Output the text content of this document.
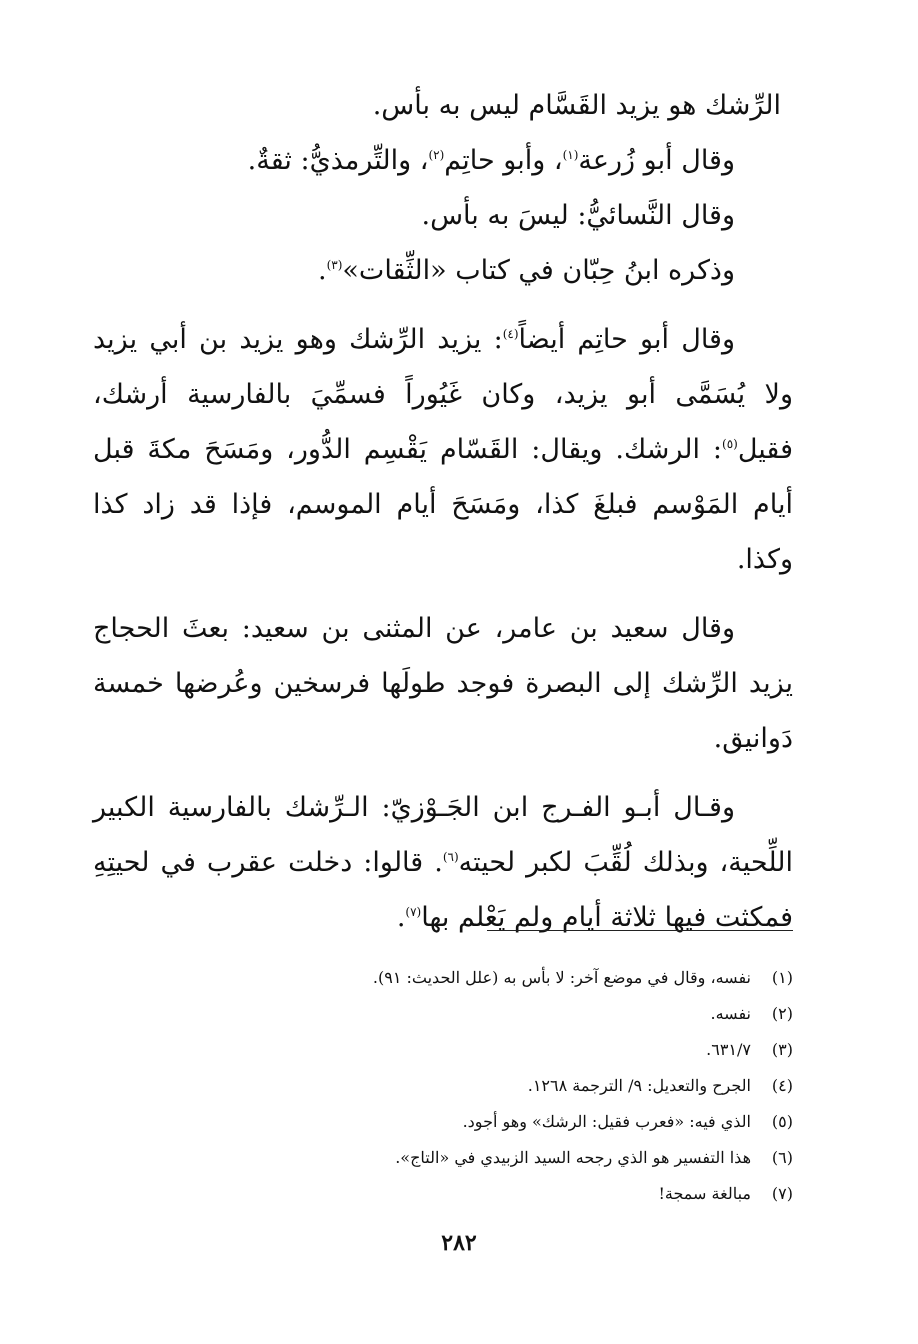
الرِّشك هو يزيد القَسَّام ليس به بأس.

وقال أبو زُرعة$^{(١)}$، وأبو حاتِم$^{(٢)}$، والتِّرمذيُّ: ثقةٌ.

وقال النَّسائيُّ: ليسَ به بأس.

وذكره ابنُ حِبّان في كتاب «الثِّقات»$^{(٣)}$.

وقال أبو حاتِم أيضاً$^{(٤)}$: يزيد الرِّشك وهو يزيد بن أبي يزيد ولا يُسَمَّى أبو يزيد، وكان غَيُوراً فسمِّيَ بالفارسية أرشك، فقيل$^{(٥)}$: الرشك. ويقال: القَسّام يَقْسِم الدُّور، ومَسَحَ مكةَ قبل أيام المَوْسم فبلغَ كذا، ومَسَحَ أيام الموسم، فإذا قد زاد كذا وكذا.

وقال سعيد بن عامر، عن المثنى بن سعيد: بعثَ الحجاج يزيد الرِّشك إلى البصرة فوجد طولَها فرسخين وعُرضها خمسة دَوانيق.

وقـال أبـو الفـرج ابن الجَـوْزيّ: الـرِّشك بالفارسية الكبير اللِّحية، وبذلك لُقِّبَ لكبر لحيته$^{(٦)}$. قالوا: دخلت عقرب في لحيتِهِ فمكثت فيها ثلاثة أيام ولم يَعْلم بها$^{(٧)}$.

(١)نفسه، وقال في موضع آخر: لا بأس به (علل الحديث: ٩١).
(٢)نفسه.
(٣)٦٣١/٧.
(٤)الجرح والتعديل: ٩/ الترجمة ١٢٦٨.
(٥)الذي فيه: «فعرب فقيل: الرشك» وهو أجود.
(٦)هذا التفسير هو الذي رجحه السيد الزبيدي في «التاج».
(٧)مبالغة سمجة!
٢٨٢
